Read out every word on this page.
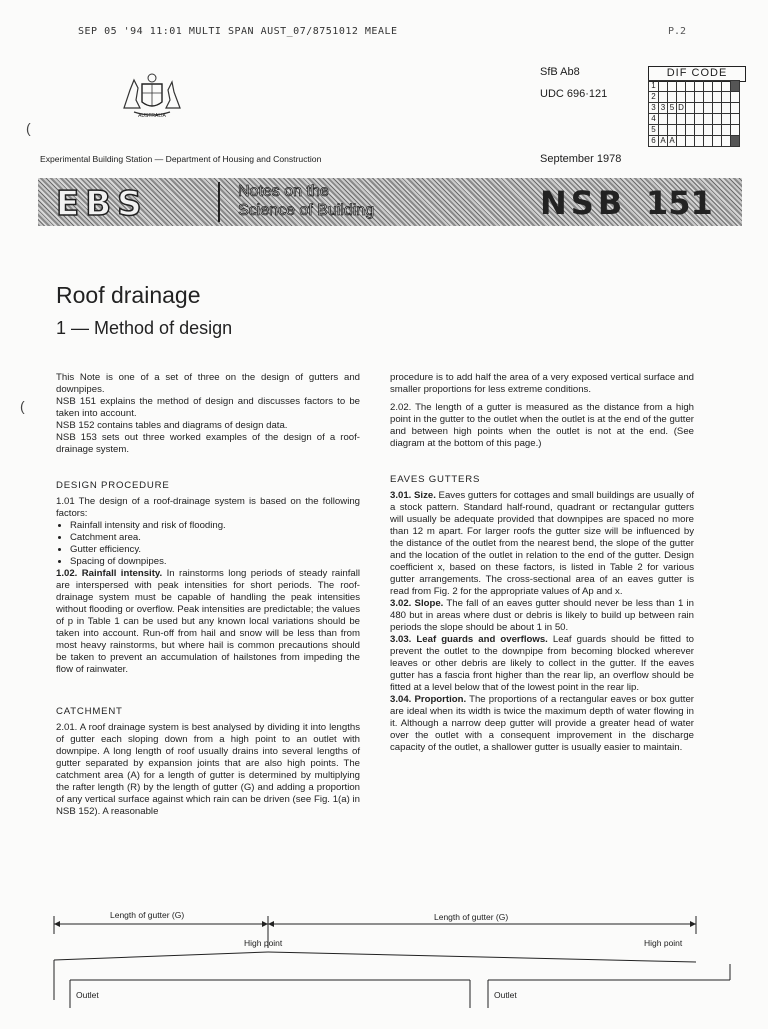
SEP 05 '94 11:01 MULTI SPAN AUST_07/8751012 MEALE	P.2
AUSTRALIA
Experimental Building Station — Department of Housing and Construction
SfB Ab8
UDC 696·121
September 1978
DIF CODE
1									
2									
3	3	5	D						
4									
5									
6	A	A							
EBS	Notes on the
Science of Building	NSB 151
Roof drainage
1 — Method of design
(
(

This Note is one of a set of three on the design of gutters and downpipes.

NSB 151 explains the method of design and discusses factors to be taken into account.

NSB 152 contains tables and diagrams of design data.

NSB 153 sets out three worked examples of the design of a roof-drainage system.

DESIGN PROCEDURE

1.01 The design of a roof-drainage system is based on the following factors:

• Rainfall intensity and risk of flooding.
• Catchment area.
• Gutter efficiency.
• Spacing of downpipes.

1.02. Rainfall intensity. In rainstorms long periods of steady rainfall are interspersed with peak intensities for short periods. The roof-drainage system must be capable of handling the peak intensities without flooding or overflow. Peak intensities are predictable; the values of p in Table 1 can be used but any known local variations should be taken into account. Run-off from hail and snow will be less than from most heavy rainstorms, but where hail is common precautions should be taken to prevent an accumulation of hailstones from impeding the flow of rainwater.

CATCHMENT

2.01. A roof drainage system is best analysed by dividing it into lengths of gutter each sloping down from a high point to an outlet with downpipe. A long length of roof usually drains into several lengths of gutter separated by expansion joints that are also high points. The catchment area (A) for a length of gutter is determined by multiplying the rafter length (R) by the length of gutter (G) and adding a proportion of any vertical surface against which rain can be driven (see Fig. 1(a) in NSB 152). A reasonable

procedure is to add half the area of a very exposed vertical surface and smaller proportions for less extreme conditions.

2.02. The length of a gutter is measured as the distance from a high point in the gutter to the outlet when the outlet is at the end of the gutter and between high points when the outlet is not at the end. (See diagram at the bottom of this page.)

EAVES GUTTERS

3.01. Size. Eaves gutters for cottages and small buildings are usually of a stock pattern. Standard half-round, quadrant or rectangular gutters will usually be adequate provided that downpipes are spaced no more than 12 m apart. For larger roofs the gutter size will be influenced by the distance of the outlet from the nearest bend, the slope of the gutter and the location of the outlet in relation to the end of the gutter. Design coefficient x, based on these factors, is listed in Table 2 for various gutter arrangements. The cross-sectional area of an eaves gutter is read from Fig. 2 for the appropriate values of Ap and x.

3.02. Slope. The fall of an eaves gutter should never be less than 1 in 480 but in areas where dust or debris is likely to build up between rain periods the slope should be about 1 in 50.

3.03. Leaf guards and overflows. Leaf guards should be fitted to prevent the outlet to the downpipe from becoming blocked wherever leaves or other debris are likely to collect in the gutter. If the eaves gutter has a fascia front higher than the rear lip, an overflow should be fitted at a level below that of the lowest point in the rear lip.

3.04. Proportion. The proportions of a rectangular eaves or box gutter are ideal when its width is twice the maximum depth of water flowing in it. Although a narrow deep gutter will provide a greater head of water over the outlet with a consequent improvement in the discharge capacity of the outlet, a shallower gutter is usually easier to maintain.

Length of gutter (G)	Length of gutter (G)
High point	High point
Outlet	Outlet
